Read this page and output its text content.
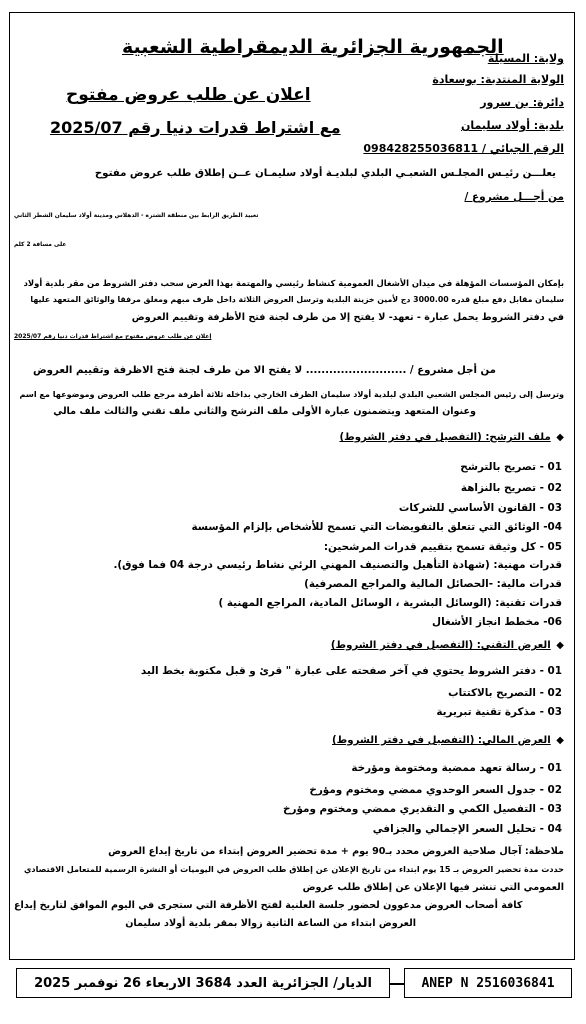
الجمهورية الجزائرية الديمقراطية الشعبية
ولاية: المسيلة
الولاية المنتدبة: بوسعادة
دائرة: بن سرور
بلدية: أولاد سليمان
الرقم الجبائي / 098428255036811
اعلان عن طلب عروض مفتوح
مع اشتراط قدرات دنيا رقم 2025/07
يعلـــن رئيـس المجلـس الشعبـي البلدي لبلديـة أولاد سليمـان عــن إطلاق طلب عروض مفتوح
من أجـــل مشروع /
تعبيد الطريق الرابط بين منطقة الشترة - الدهلاس ومدينة أولاد سليمان الشطر الثاني
على مسافة 2 كلم
بإمكان المؤسسات المؤهلة في ميدان الأشغال العمومية كنشاط رئيسي والمهتمة بهذا العرض سحب دفتر الشروط من مقر بلدية أولاد
سليمان مقابل دفع مبلغ قدره 3000.00 دج لأمين خزينة البلدية وترسل العروض الثلاثة داخل ظرف مبهم ومغلق مرفقا والوثائق المتعهد عليها
في دفتر الشروط يحمل عبارة - تعهد- لا يفتح إلا من طرف لجنة فتح الأظرفة وتقييم العروض
إعلان عن طلب عروض مفتوح مع اشتراط قدرات دنيا رقم 2025/07
من أجل مشروع / .......................... لا يفتح الا من طرف لجنة فتح الاظرفة وتقييم العروض
وترسل إلى رئيس المجلس الشعبي البلدي لبلدية أولاد سليمان الظرف الخارجي بداخله ثلاثة أظرفة مرجع طلب العروض وموضوعها مع اسم
وعنوان المتعهد ويتضمنون عبارة الأولى ملف الترشح والثاني ملف تقني والثالث ملف مالي
◆ ملف الترشح: (التفصيل في دفتر الشروط)
01 - تصريح بالترشح
02 - تصريح بالنزاهة
03 - القانون الأساسي للشركات
04- الوثائق التي تتعلق بالتفويضات التي تسمح للأشخاص بإلزام المؤسسة
05 - كل وثيقة تسمح بتقييم قدرات المرشحين:
قدرات مهنية: (شهادة التأهيل والتصنيف المهني الرئي نشاط رئيسي درجة 04 فما فوق).
قدرات مالية: -الحصائل المالية والمراجع المصرفية)
قدرات تقنية: (الوسائل البشرية ، الوسائل المادية، المراجع المهنية )
06- مخطط انجاز الأشغال
◆ العرض التقني: (التفصيل في دفتر الشروط)
01 - دفتر الشروط يحتوي في آخر صفحته على عبارة " قرئ و قبل مكتوبة بخط اليد
02 - التصريح بالاكتتاب
03 - مذكرة تقنية تبريرية
◆ العرض المالي: (التفصيل في دفتر الشروط)
01 - رسالة تعهد ممضية ومختومة ومؤرخة
02 - جدول السعر الوحدوي ممضي ومختوم ومؤرخ
03 - التفصيل الكمي و التقديري ممضي ومختوم ومؤرخ
04 - تحليل السعر الإجمالي والجزافي
ملاحظة: آجال صلاحية العروض محدد بـ90 يوم + مدة تحضير العروض إبتداء من تاريخ إيداع العروض
حددت مدة تحضير العروض بـ 15 يوم ابتداء من تاريخ الإعلان عن إطلاق طلب العروض في اليوميات أو النشرة الرسمية للمتعامل الاقتصادي
العمومي التي تنشر فيها الإعلان عن إطلاق طلب عروض
كافة أصحاب العروض مدعوون لحضور جلسة العلنية لفتح الأظرفة التي ستجرى في اليوم الموافق لتاريخ إيداع
العروض ابتداء من الساعة الثانية زوالا بمقر بلدية أولاد سليمان
الديار/ الجزائرية العدد 3684 الاربعاء 26 نوفمبر 2025	ANEP N 2516036841
